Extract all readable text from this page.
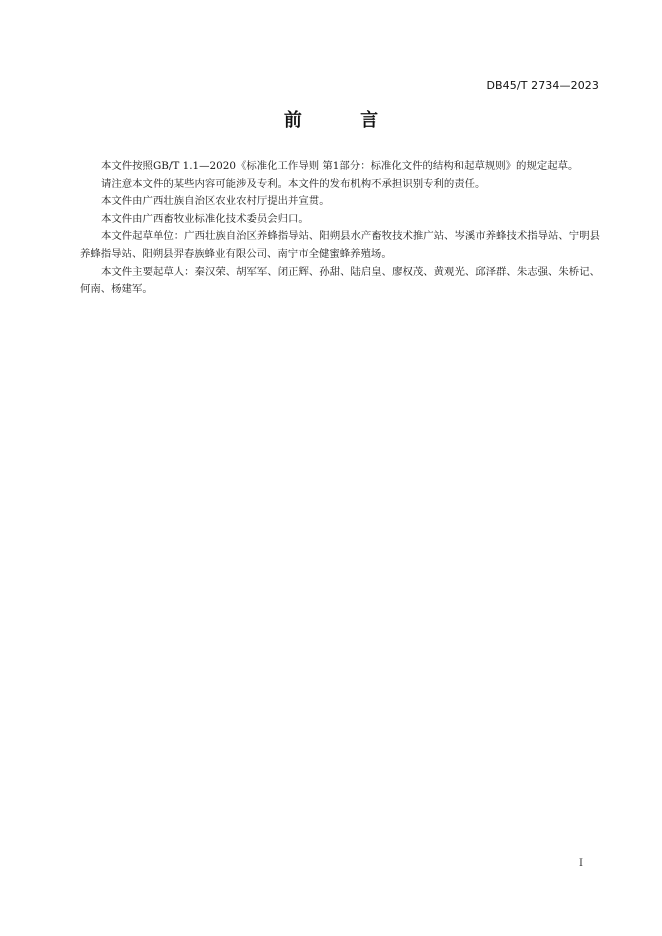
DB45/T 2734—2023
前 言

本文件按照GB/T 1.1—2020《标准化工作导则 第1部分：标准化文件的结构和起草规则》的规定起草。

请注意本文件的某些内容可能涉及专利。本文件的发布机构不承担识别专利的责任。

本文件由广西壮族自治区农业农村厅提出并宣贯。

本文件由广西畜牧业标准化技术委员会归口。

本文件起草单位：广西壮族自治区养蜂指导站、阳朔县水产畜牧技术推广站、岑溪市养蜂技术指导站、宁明县养蜂指导站、阳朔县羿春族蜂业有限公司、南宁市全健蜜蜂养殖场。

本文件主要起草人：秦汉荣、胡军军、闭正辉、孙甜、陆启皇、廖权茂、黄观光、邱泽群、朱志强、朱桥记、何南、杨建军。

I
